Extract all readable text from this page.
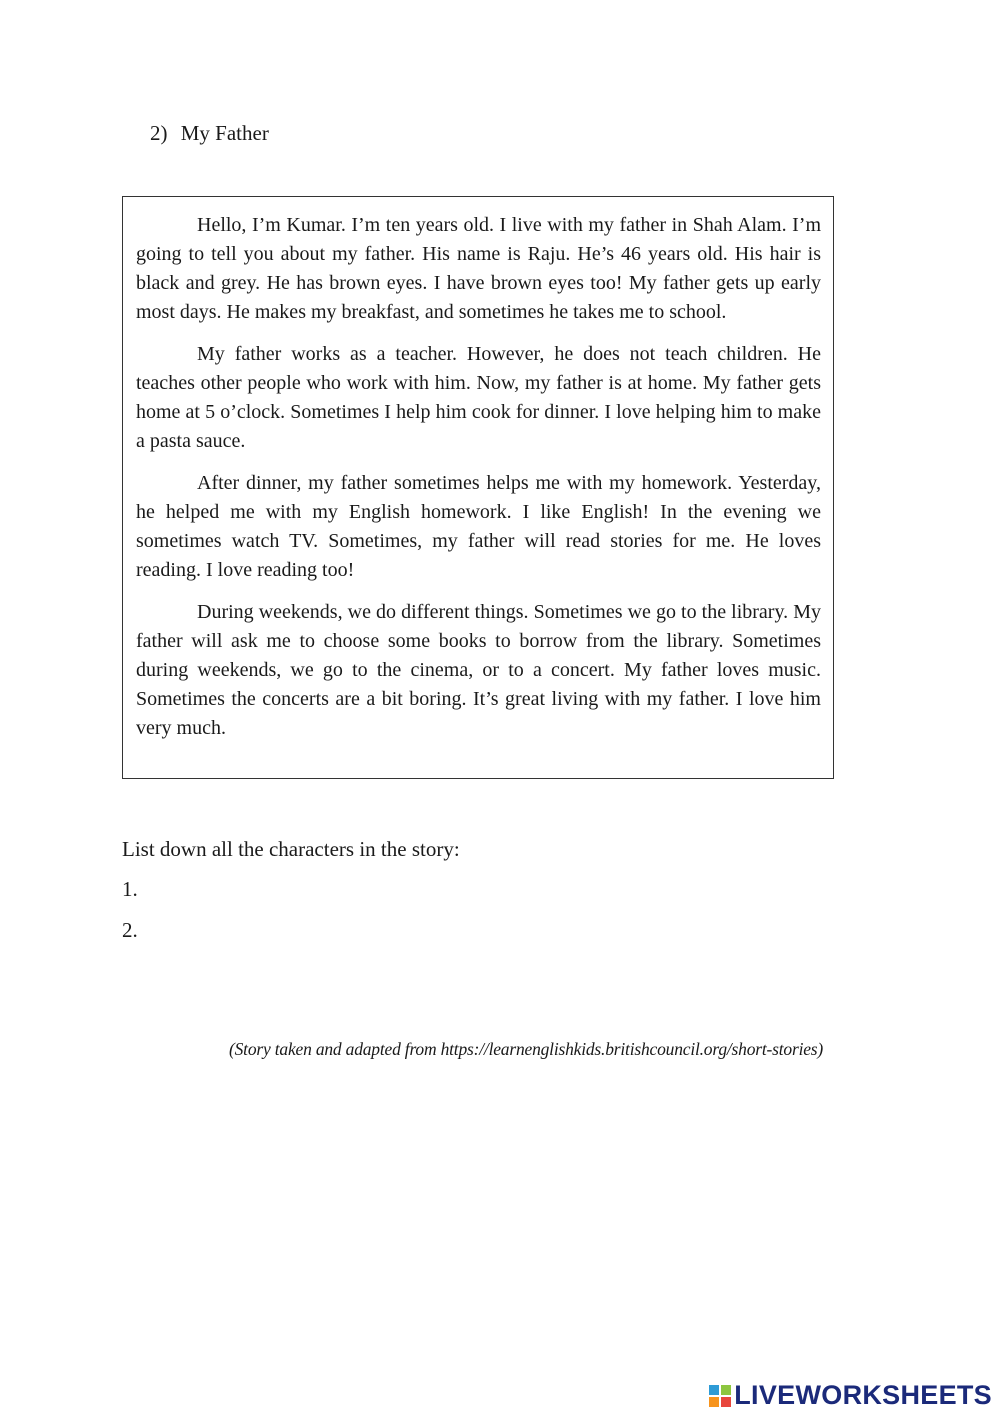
2) My Father

Hello, I’m Kumar. I’m ten years old. I live with my father in Shah Alam. I’m going to tell you about my father. His name is Raju. He’s 46 years old. His hair is black and grey. He has brown eyes. I have brown eyes too! My father gets up early most days. He makes my breakfast, and sometimes he takes me to school.

My father works as a teacher. However, he does not teach children. He teaches other people who work with him. Now, my father is at home. My father gets home at 5 o’clock. Sometimes I help him cook for dinner. I love helping him to make a pasta sauce.

After dinner, my father sometimes helps me with my homework. Yesterday, he helped me with my English homework. I like English! In the evening we sometimes watch TV. Sometimes, my father will read stories for me. He loves reading. I love reading too!

During weekends, we do different things. Sometimes we go to the library. My father will ask me to choose some books to borrow from the library. Sometimes during weekends, we go to the cinema, or to a concert. My father loves music. Sometimes the concerts are a bit boring. It’s great living with my father. I love him very much.

List down all the characters in the story:
1.
2.
(Story taken and adapted from https://learnenglishkids.britishcouncil.org/short-stories)
LIVEWORKSHEETS
